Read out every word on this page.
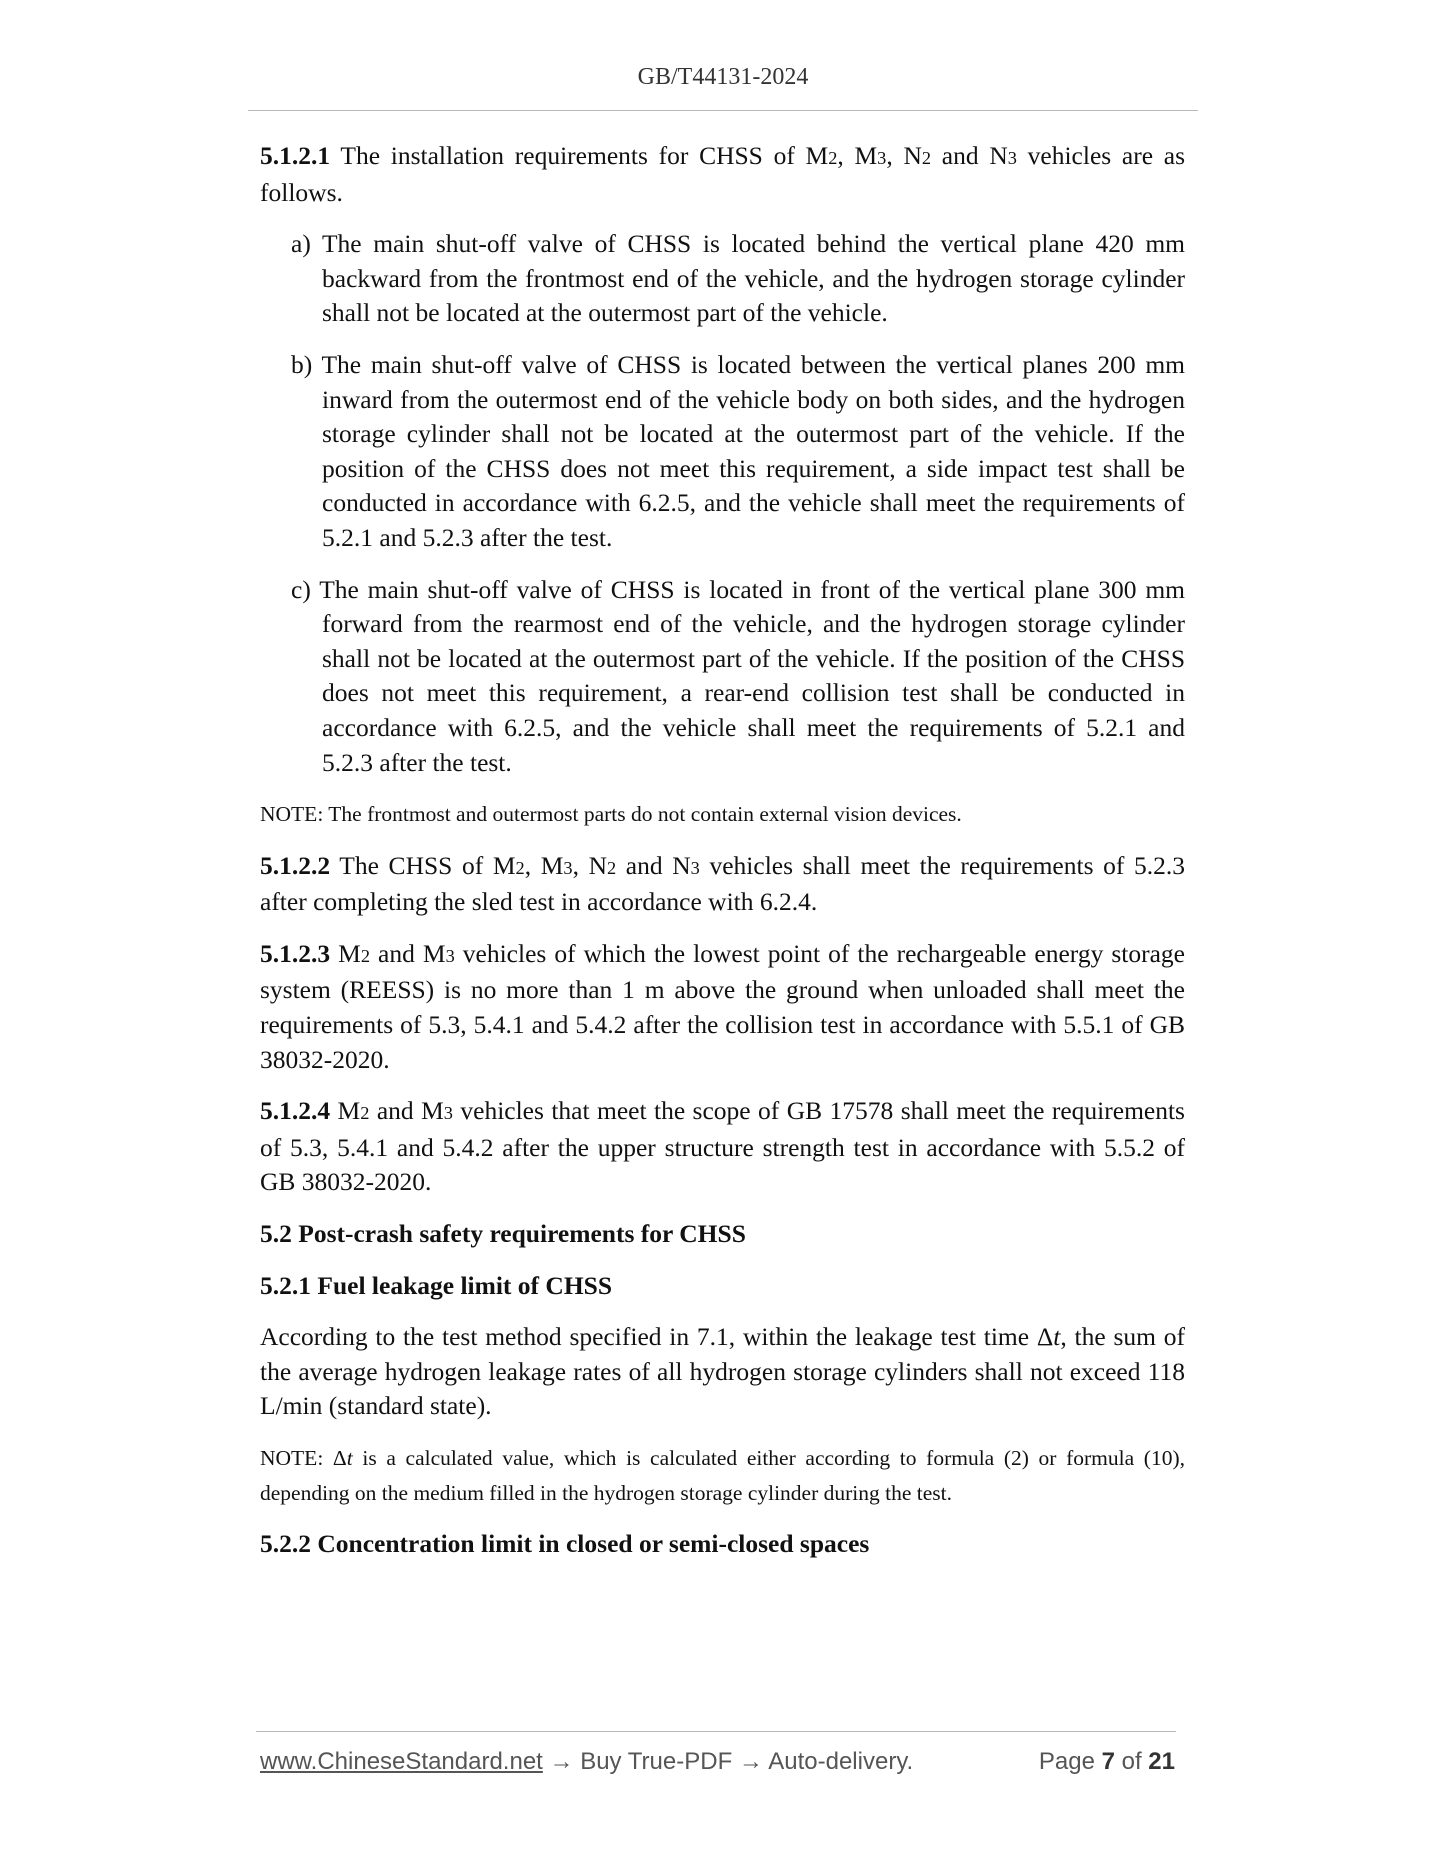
GB/T44131-2024

5.1.2.1 The installation requirements for CHSS of M2, M3, N2 and N3 vehicles are as follows.

a) The main shut-off valve of CHSS is located behind the vertical plane 420 mm backward from the frontmost end of the vehicle, and the hydrogen storage cylinder shall not be located at the outermost part of the vehicle.

b) The main shut-off valve of CHSS is located between the vertical planes 200 mm inward from the outermost end of the vehicle body on both sides, and the hydrogen storage cylinder shall not be located at the outermost part of the vehicle. If the position of the CHSS does not meet this requirement, a side impact test shall be conducted in accordance with 6.2.5, and the vehicle shall meet the requirements of 5.2.1 and 5.2.3 after the test.

c) The main shut-off valve of CHSS is located in front of the vertical plane 300 mm forward from the rearmost end of the vehicle, and the hydrogen storage cylinder shall not be located at the outermost part of the vehicle. If the position of the CHSS does not meet this requirement, a rear-end collision test shall be conducted in accordance with 6.2.5, and the vehicle shall meet the requirements of 5.2.1 and 5.2.3 after the test.

NOTE: The frontmost and outermost parts do not contain external vision devices.

5.1.2.2 The CHSS of M2, M3, N2 and N3 vehicles shall meet the requirements of 5.2.3 after completing the sled test in accordance with 6.2.4.

5.1.2.3 M2 and M3 vehicles of which the lowest point of the rechargeable energy storage system (REESS) is no more than 1 m above the ground when unloaded shall meet the requirements of 5.3, 5.4.1 and 5.4.2 after the collision test in accordance with 5.5.1 of GB 38032-2020.

5.1.2.4 M2 and M3 vehicles that meet the scope of GB 17578 shall meet the requirements of 5.3, 5.4.1 and 5.4.2 after the upper structure strength test in accordance with 5.5.2 of GB 38032-2020.

5.2 Post-crash safety requirements for CHSS

5.2.1 Fuel leakage limit of CHSS

According to the test method specified in 7.1, within the leakage test time Δt, the sum of the average hydrogen leakage rates of all hydrogen storage cylinders shall not exceed 118 L/min (standard state).

NOTE: Δt is a calculated value, which is calculated either according to formula (2) or formula (10), depending on the medium filled in the hydrogen storage cylinder during the test.

5.2.2 Concentration limit in closed or semi-closed spaces

www.ChineseStandard.net → Buy True-PDF → Auto-delivery.	Page 7 of 21
